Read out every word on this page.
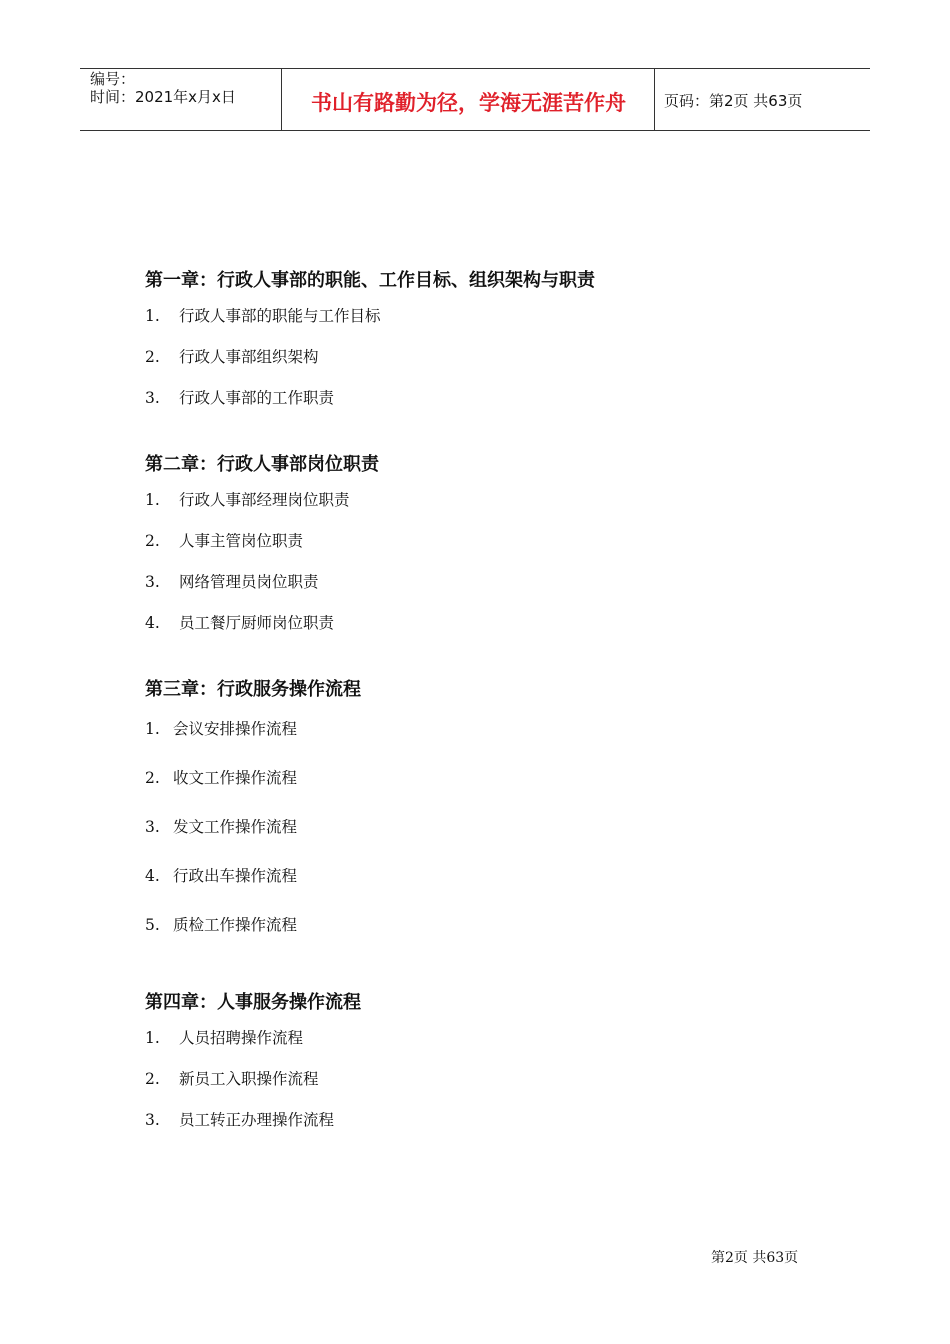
编号：
时间：2021年x月x日	书山有路勤为径，学海无涯苦作舟	页码：第2页 共63页
第一章：行政人事部的职能、工作目标、组织架构与职责
1. 行政人事部的职能与工作目标
2. 行政人事部组织架构
3. 行政人事部的工作职责
第二章：行政人事部岗位职责
1. 行政人事部经理岗位职责
2. 人事主管岗位职责
3. 网络管理员岗位职责
4. 员工餐厅厨师岗位职责
第三章：行政服务操作流程
1. 会议安排操作流程
2. 收文工作操作流程
3. 发文工作操作流程
4. 行政出车操作流程
5. 质检工作操作流程
第四章：人事服务操作流程
1. 人员招聘操作流程
2. 新员工入职操作流程
3. 员工转正办理操作流程
第2页 共63页
